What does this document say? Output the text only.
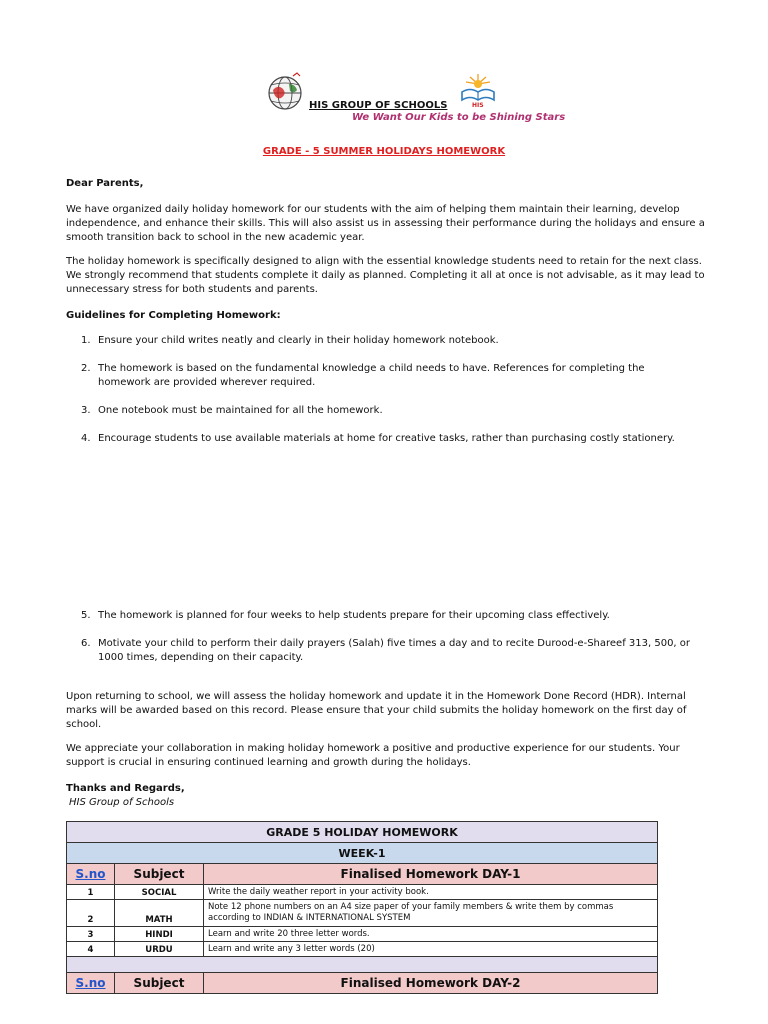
HIS GROUP OF SCHOOLS	HIS
We Want Our Kids to be Shining Stars
GRADE - 5 SUMMER HOLIDAYS HOMEWORK
Dear Parents,
We have organized daily holiday homework for our students with the aim of helping them maintain their learning, develop independence, and enhance their skills. This will also assist us in assessing their performance during the holidays and ensure a smooth transition back to school in the new academic year.
The holiday homework is specifically designed to align with the essential knowledge students need to retain for the next class. We strongly recommend that students complete it daily as planned. Completing it all at once is not advisable, as it may lead to unnecessary stress for both students and parents.
Guidelines for Completing Homework:
1. Ensure your child writes neatly and clearly in their holiday homework notebook.
2. The homework is based on the fundamental knowledge a child needs to have. References for completing the homework are provided wherever required.
3. One notebook must be maintained for all the homework.
4. Encourage students to use available materials at home for creative tasks, rather than purchasing costly stationery.
5. The homework is planned for four weeks to help students prepare for their upcoming class effectively.
6. Motivate your child to perform their daily prayers (Salah) five times a day and to recite Durood-e-Shareef 313, 500, or 1000 times, depending on their capacity.
Upon returning to school, we will assess the holiday homework and update it in the Homework Done Record (HDR). Internal marks will be awarded based on this record. Please ensure that your child submits the holiday homework on the first day of school.
We appreciate your collaboration in making holiday homework a positive and productive experience for our students. Your support is crucial in ensuring continued learning and growth during the holidays.
Thanks and Regards,
HIS Group of Schools
GRADE 5 HOLIDAY HOMEWORK		
WEEK-1		
S.no	Subject	Finalised Homework DAY-1
1	SOCIAL	Write the daily weather report in your activity book.
2	MATH	Note 12 phone numbers on an A4 size paper of your family members & write them by commas according to INDIAN & INTERNATIONAL SYSTEM
3	HINDI	Learn and write 20 three letter words.
4	URDU	Learn and write any 3 letter words (20)

S.no	Subject	Finalised Homework DAY-2
